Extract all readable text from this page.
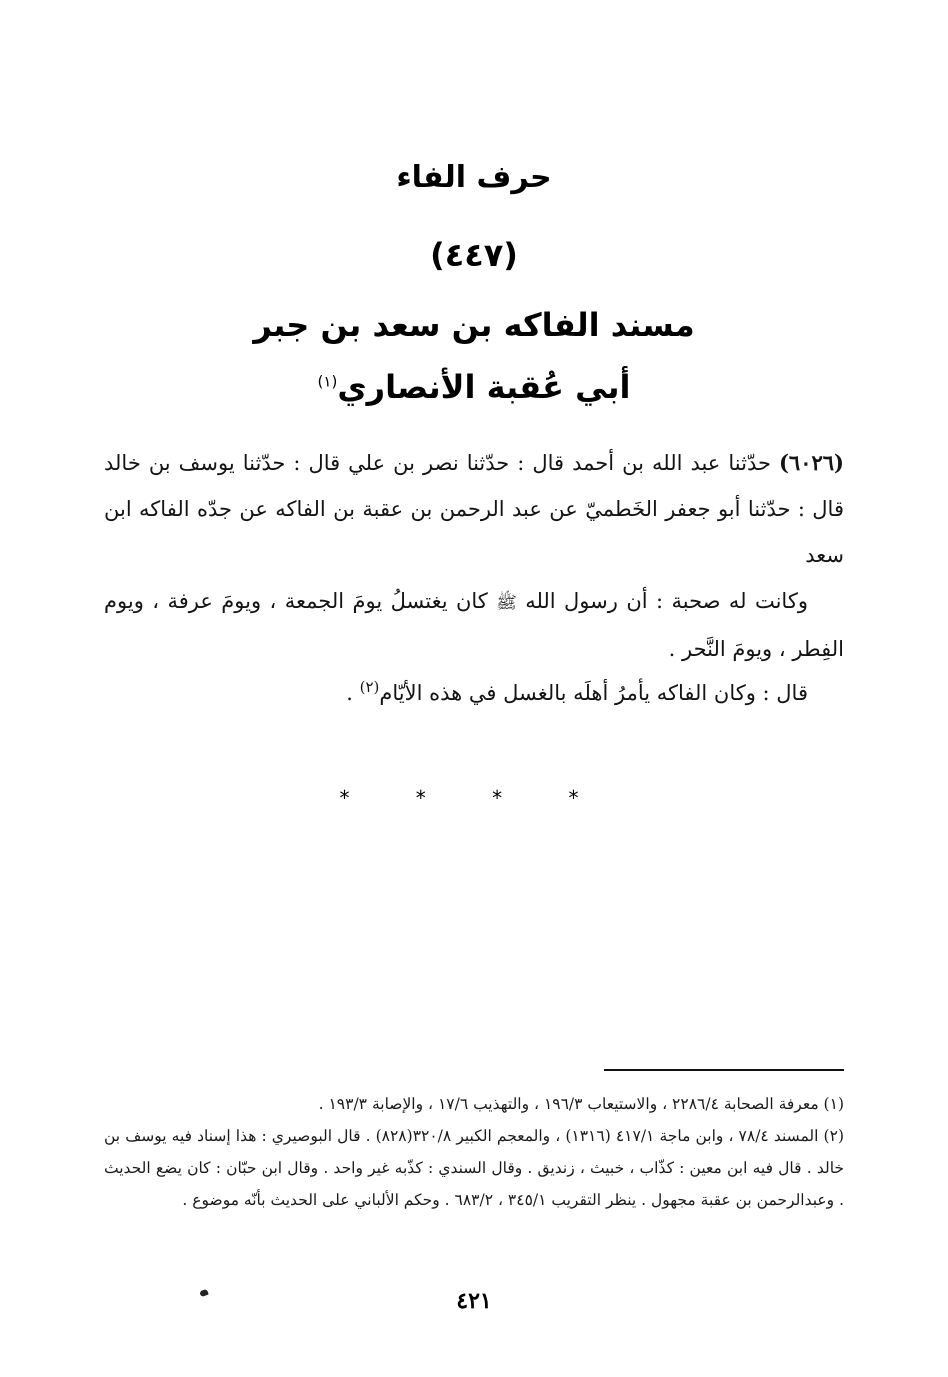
حرف الفاء
(٤٤٧)
مسند الفاكه بن سعد بن جبر
أبي عُقبة الأنصاري$^{(١)}$

(٦٠٢٦) حدّثنا عبد الله بن أحمد قال : حدّثنا نصر بن علي قال : حدّثنا يوسف بن خالد قال : حدّثنا أبو جعفر الخَطميّ عن عبد الرحمن بن عقبة بن الفاكه عن جدّه الفاكه ابن سعد

وكانت له صحبة : أن رسول الله ﷺ كان يغتسلُ يومَ الجمعة ، ويومَ عرفة ، ويوم الفِطر ، ويومَ النَّحر .

قال : وكان الفاكه يأمرُ أهلَه بالغسل في هذه الأيّام$^{(٢)}$ .

* * * *

(١) معرفة الصحابة ٢٢٨٦/٤ ، والاستيعاب ١٩٦/٣ ، والتهذيب ١٧/٦ ، والإصابة ١٩٣/٣ .

(٢) المسند ٧٨/٤ ، وابن ماجة ٤١٧/١ (١٣١٦) ، والمعجم الكبير ٣٢٠/٨(٨٢٨) . قال البوصيري : هذا إسناد فيه يوسف بن خالد . قال فيه ابن معين : كذّاب ، خبيث ، زنديق . وقال السندي : كذّبه غير واحد . وقال ابن حبّان : كان يضع الحديث . وعبدالرحمن بن عقبة مجهول . ينظر التقريب ٣٤٥/١ ، ٦٨٣/٢ . وحكم الألباني على الحديث بأنّه موضوع .

٤٢١
